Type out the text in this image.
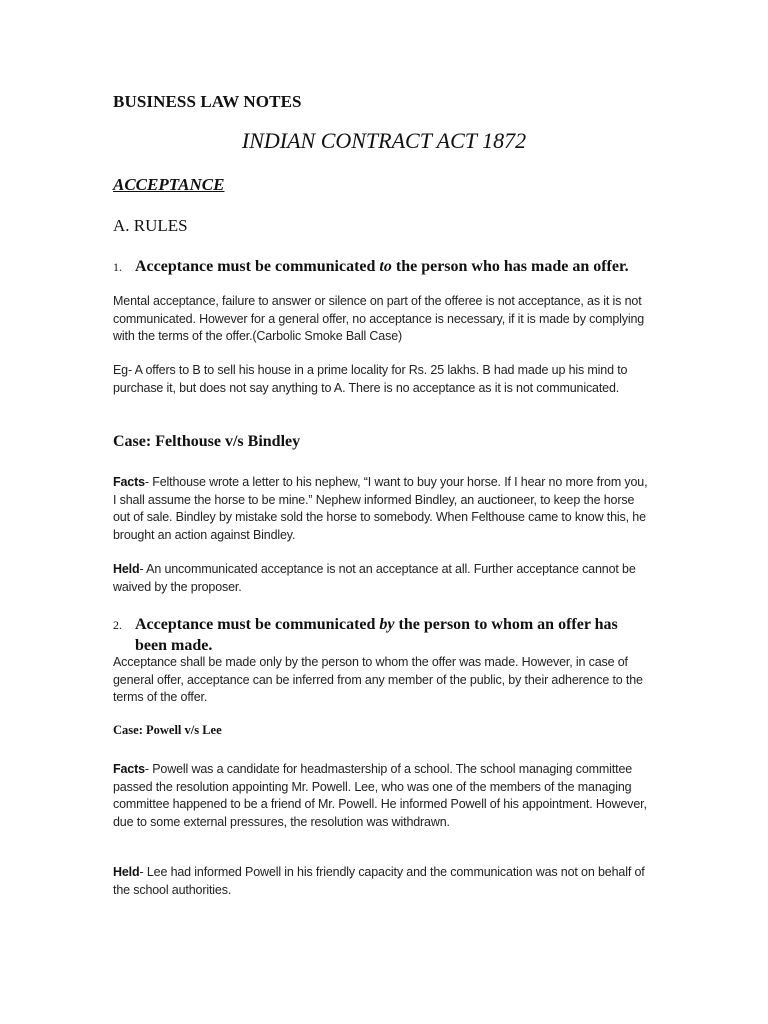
BUSINESS LAW NOTES

INDIAN CONTRACT ACT 1872

ACCEPTANCE

A. RULES

1. Acceptance must be communicated to the person who has made an offer.

Mental acceptance, failure to answer or silence on part of the offeree is not acceptance, as it is not communicated. However for a general offer, no acceptance is necessary, if it is made by complying with the terms of the offer.(Carbolic Smoke Ball Case)

Eg- A offers to B to sell his house in a prime locality for Rs. 25 lakhs. B had made up his mind to purchase it, but does not say anything to A. There is no acceptance as it is not communicated.

Case: Felthouse v/s Bindley

Facts- Felthouse wrote a letter to his nephew, “I want to buy your horse. If I hear no more from you, I shall assume the horse to be mine.” Nephew informed Bindley, an auctioneer, to keep the horse out of sale. Bindley by mistake sold the horse to somebody. When Felthouse came to know this, he brought an action against Bindley.

Held- An uncommunicated acceptance is not an acceptance at all. Further acceptance cannot be waived by the proposer.

2. Acceptance must be communicated by the person to whom an offer has been made.

Acceptance shall be made only by the person to whom the offer was made. However, in case of general offer, acceptance can be inferred from any member of the public, by their adherence to the terms of the offer.

Case: Powell v/s Lee

Facts- Powell was a candidate for headmastership of a school. The school managing committee passed the resolution appointing Mr. Powell. Lee, who was one of the members of the managing committee happened to be a friend of Mr. Powell. He informed Powell of his appointment. However, due to some external pressures, the resolution was withdrawn.

Held- Lee had informed Powell in his friendly capacity and the communication was not on behalf of the school authorities.
